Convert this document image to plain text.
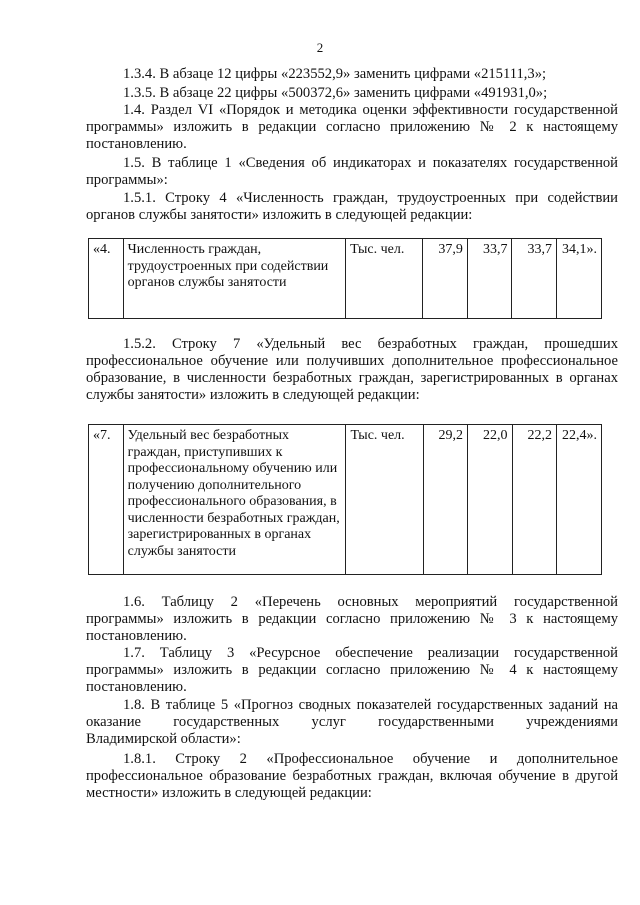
2

1.3.4. В абзаце 12 цифры «223552,9» заменить цифрами «215111,3»;

1.3.5. В абзаце 22 цифры «500372,6» заменить цифрами «491931,0»;

1.4. Раздел VI «Порядок и методика оценки эффективности государственной
программы» изложить в редакции согласно приложению № 2 к настоящему
постановлению.

1.5. В таблице 1 «Сведения об индикаторах и показателях государственной
программы»:

1.5.1. Строку 4 «Численность граждан, трудоустроенных при содействии
органов службы занятости» изложить в следующей редакции:

«4.	Численность граждан, трудоустроенных при содействии органов службы занятости	Тыс. чел.	37,9	33,7	33,7	34,1».

1.5.2. Строку 7 «Удельный вес безработных граждан, прошедших
профессиональное обучение или получивших дополнительное профессиональное
образование, в численности безработных граждан, зарегистрированных в органах
службы занятости» изложить в следующей редакции:

«7.	Удельный вес безработных граждан, приступивших к профессиональному обучению или получению дополнительного профессионального образования, в численности безработных граждан, зарегистрированных в органах службы занятости	Тыс. чел.	29,2	22,0	22,2	22,4».

1.6. Таблицу 2 «Перечень основных мероприятий государственной
программы» изложить в редакции согласно приложению № 3 к настоящему
постановлению.

1.7. Таблицу 3 «Ресурсное обеспечение реализации государственной
программы» изложить в редакции согласно приложению № 4 к настоящему
постановлению.

1.8. В таблице 5 «Прогноз сводных показателей государственных заданий на
оказание государственных услуг государственными учреждениями
Владимирской области»:

1.8.1. Строку 2 «Профессиональное обучение и дополнительное
профессиональное образование безработных граждан, включая обучение в другой
местности» изложить в следующей редакции:
